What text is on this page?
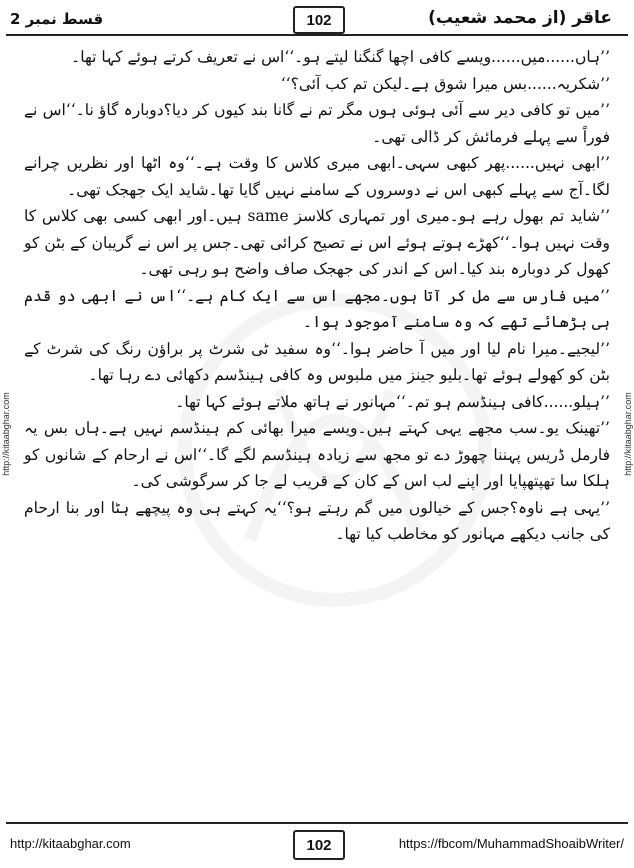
عاقر (از محمد شعیب)
102
قسط نمبر 2
http://kitaabghar.com	http://kitaabghar.com

’’ہاں......میں......ویسے کافی اچھا گنگنا لیتے ہو۔‘‘اس نے تعریف کرتے ہوئے کہا تھا۔

’’شکریہ......بس میرا شوق ہے۔لیکن تم کب آئی؟‘‘

’’میں تو کافی دیر سے آئی ہوئی ہوں مگر تم نے گانا بند کیوں کر دیا؟دوبارہ گاؤ نا۔‘‘اس نے فوراً سے پہلے فرمائش کر ڈالی تھی۔

’’ابھی نہیں......پھر کبھی سہی۔ابھی میری کلاس کا وقت ہے۔‘‘وہ اٹھا اور نظریں چرانے لگا۔آج سے پہلے کبھی اس نے دوسروں کے سامنے نہیں گایا تھا۔شاید ایک جھجک تھی۔

’’شاید تم بھول رہے ہو۔میری اور تمہاری کلاسز same ہیں۔اور ابھی کسی بھی کلاس کا وقت نہیں ہوا۔‘‘کھڑے ہوتے ہوئے اس نے تصیح کرائی تھی۔جس پر اس نے گریبان کے بٹن کو کھول کر دوبارہ بند کیا۔اس کے اندر کی جھجک صاف واضح ہو رہی تھی۔

’’میں فارس سے مل کر آتا ہوں۔مجھے اس سے ایک کام ہے۔‘‘اس نے ابھی دو قدم ہی بڑھائے تھے کہ وہ سامنے آموجود ہوا۔

’’لیجیے۔میرا نام لیا اور میں آ حاضر ہوا۔‘‘وہ سفید ٹی شرٹ پر براؤن رنگ کی شرٹ کے بٹن کو کھولے ہوئے تھا۔بلیو جینز میں ملبوس وہ کافی ہینڈسم دکھائی دے رہا تھا۔

’’ہیلو......کافی ہینڈسم ہو تم۔‘‘مہانور نے ہاتھ ملاتے ہوئے کہا تھا۔

’’تھینک یو۔سب مجھے یہی کہتے ہیں۔ویسے میرا بھائی کم ہینڈسم نہیں ہے۔ہاں بس یہ فارمل ڈریس پہننا چھوڑ دے تو مجھ سے زیادہ ہینڈسم لگے گا۔‘‘اس نے ارحام کے شانوں کو ہلکا سا تھپتھپایا اور اپنے لب اس کے کان کے قریب لے جا کر سرگوشی کی۔

’’یہی ہے ناوہ؟جس کے خیالوں میں گم رہتے ہو؟‘‘یہ کہتے ہی وہ پیچھے ہٹا اور بنا ارحام کی جانب دیکھے مہانور کو مخاطب کیا تھا۔

http://kitaabghar.com	102	https://fbcom/MuhammadShoaibWriter/
